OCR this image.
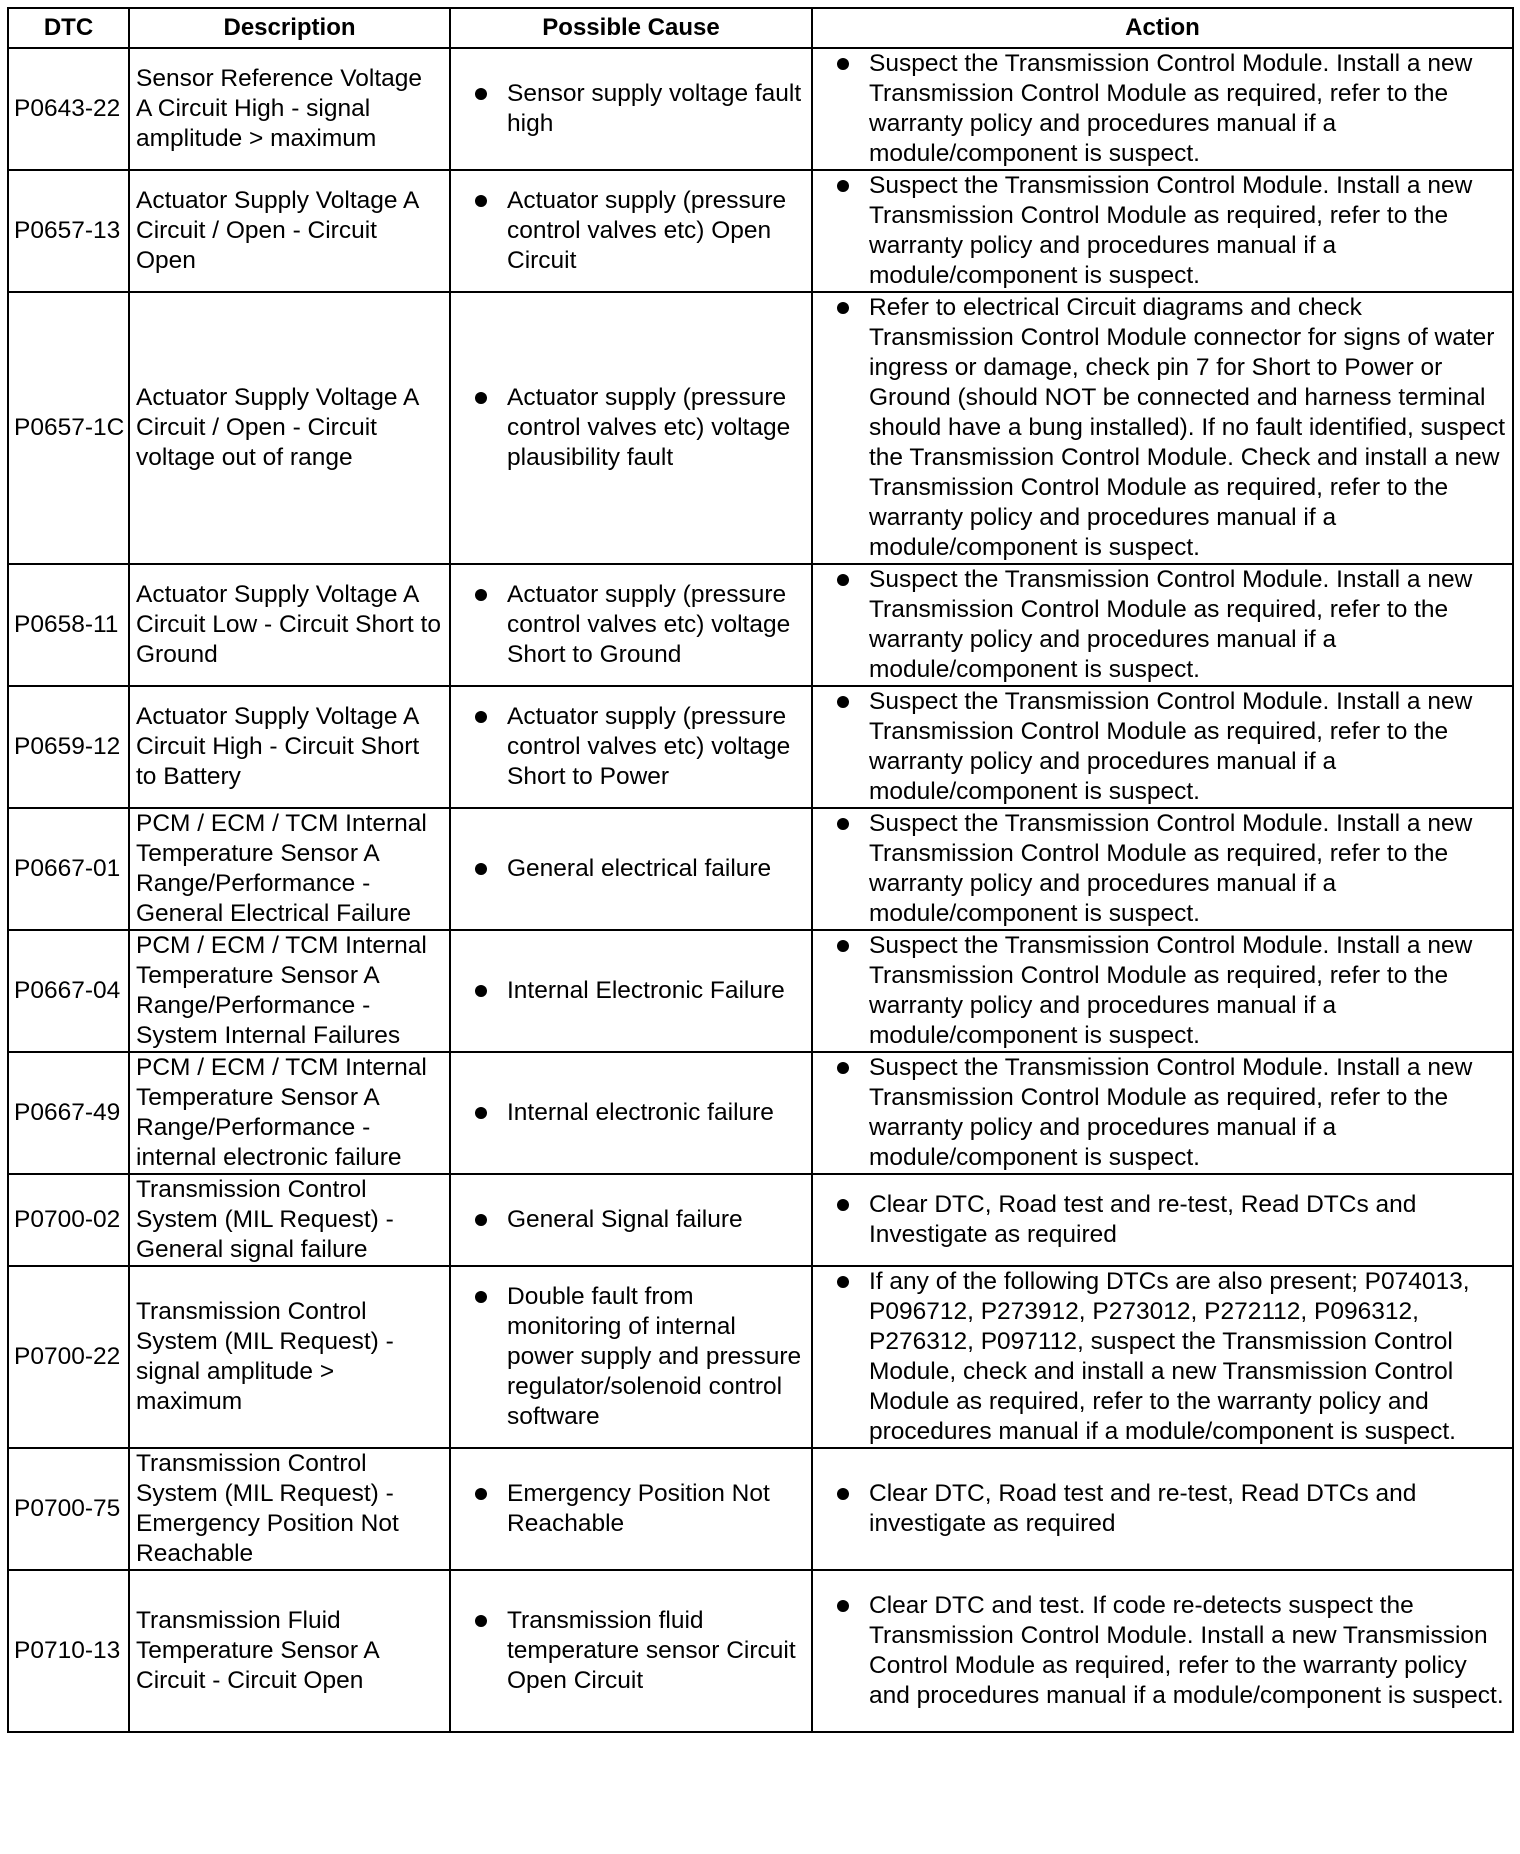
DTC	Description	Possible Cause	Action
P0643-22	Sensor Reference Voltage A Circuit High - signal amplitude > maximum	Sensor supply voltage fault high	Suspect the Transmission Control Module. Install a new Transmission Control Module as required, refer to the warranty policy and procedures manual if a module/component is suspect.

P0657-13	Actuator Supply Voltage A Circuit / Open - Circuit Open	Actuator supply (pressure control valves etc) Open Circuit	Suspect the Transmission Control Module. Install a new Transmission Control Module as required, refer to the warranty policy and procedures manual if a module/component is suspect.

P0657-1C	Actuator Supply Voltage A Circuit / Open - Circuit voltage out of range	Actuator supply (pressure control valves etc) voltage plausibility fault	Refer to electrical Circuit diagrams and check Transmission Control Module connector for signs of water ingress or damage, check pin 7 for Short to Power or Ground (should NOT be connected and harness terminal should have a bung installed). If no fault identified, suspect the Transmission Control Module. Check and install a new Transmission Control Module as required, refer to the warranty policy and procedures manual if a module/component is suspect.

P0658-11	Actuator Supply Voltage A Circuit Low - Circuit Short to Ground	Actuator supply (pressure control valves etc) voltage Short to Ground	Suspect the Transmission Control Module. Install a new Transmission Control Module as required, refer to the warranty policy and procedures manual if a module/component is suspect.

P0659-12	Actuator Supply Voltage A Circuit High - Circuit Short to Battery	Actuator supply (pressure control valves etc) voltage Short to Power	Suspect the Transmission Control Module. Install a new Transmission Control Module as required, refer to the warranty policy and procedures manual if a module/component is suspect.

P0667-01	PCM / ECM / TCM Internal Temperature Sensor A Range/Performance - General Electrical Failure	General electrical failure	Suspect the Transmission Control Module. Install a new Transmission Control Module as required, refer to the warranty policy and procedures manual if a module/component is suspect.

P0667-04	PCM / ECM / TCM Internal Temperature Sensor A Range/Performance - System Internal Failures	Internal Electronic Failure	Suspect the Transmission Control Module. Install a new Transmission Control Module as required, refer to the warranty policy and procedures manual if a module/component is suspect.

P0667-49	PCM / ECM / TCM Internal Temperature Sensor A Range/Performance - internal electronic failure	Internal electronic failure	Suspect the Transmission Control Module. Install a new Transmission Control Module as required, refer to the warranty policy and procedures manual if a module/component is suspect.

P0700-02	Transmission Control System (MIL Request) - General signal failure	General Signal failure	Clear DTC, Road test and re-test, Read DTCs and Investigate as required

P0700-22	Transmission Control System (MIL Request) - signal amplitude > maximum	Double fault from monitoring of internal power supply and pressure regulator/solenoid control software	If any of the following DTCs are also present; P074013, P096712, P273912, P273012, P272112, P096312, P276312, P097112, suspect the Transmission Control Module, check and install a new Transmission Control Module as required, refer to the warranty policy and procedures manual if a module/component is suspect.

P0700-75	Transmission Control System (MIL Request) - Emergency Position Not Reachable	Emergency Position Not Reachable	Clear DTC, Road test and re-test, Read DTCs and investigate as required

P0710-13	Transmission Fluid Temperature Sensor A Circuit - Circuit Open	Transmission fluid temperature sensor Circuit Open Circuit	Clear DTC and test. If code re-detects suspect the Transmission Control Module. Install a new Transmission Control Module as required, refer to the warranty policy and procedures manual if a module/component is suspect.
